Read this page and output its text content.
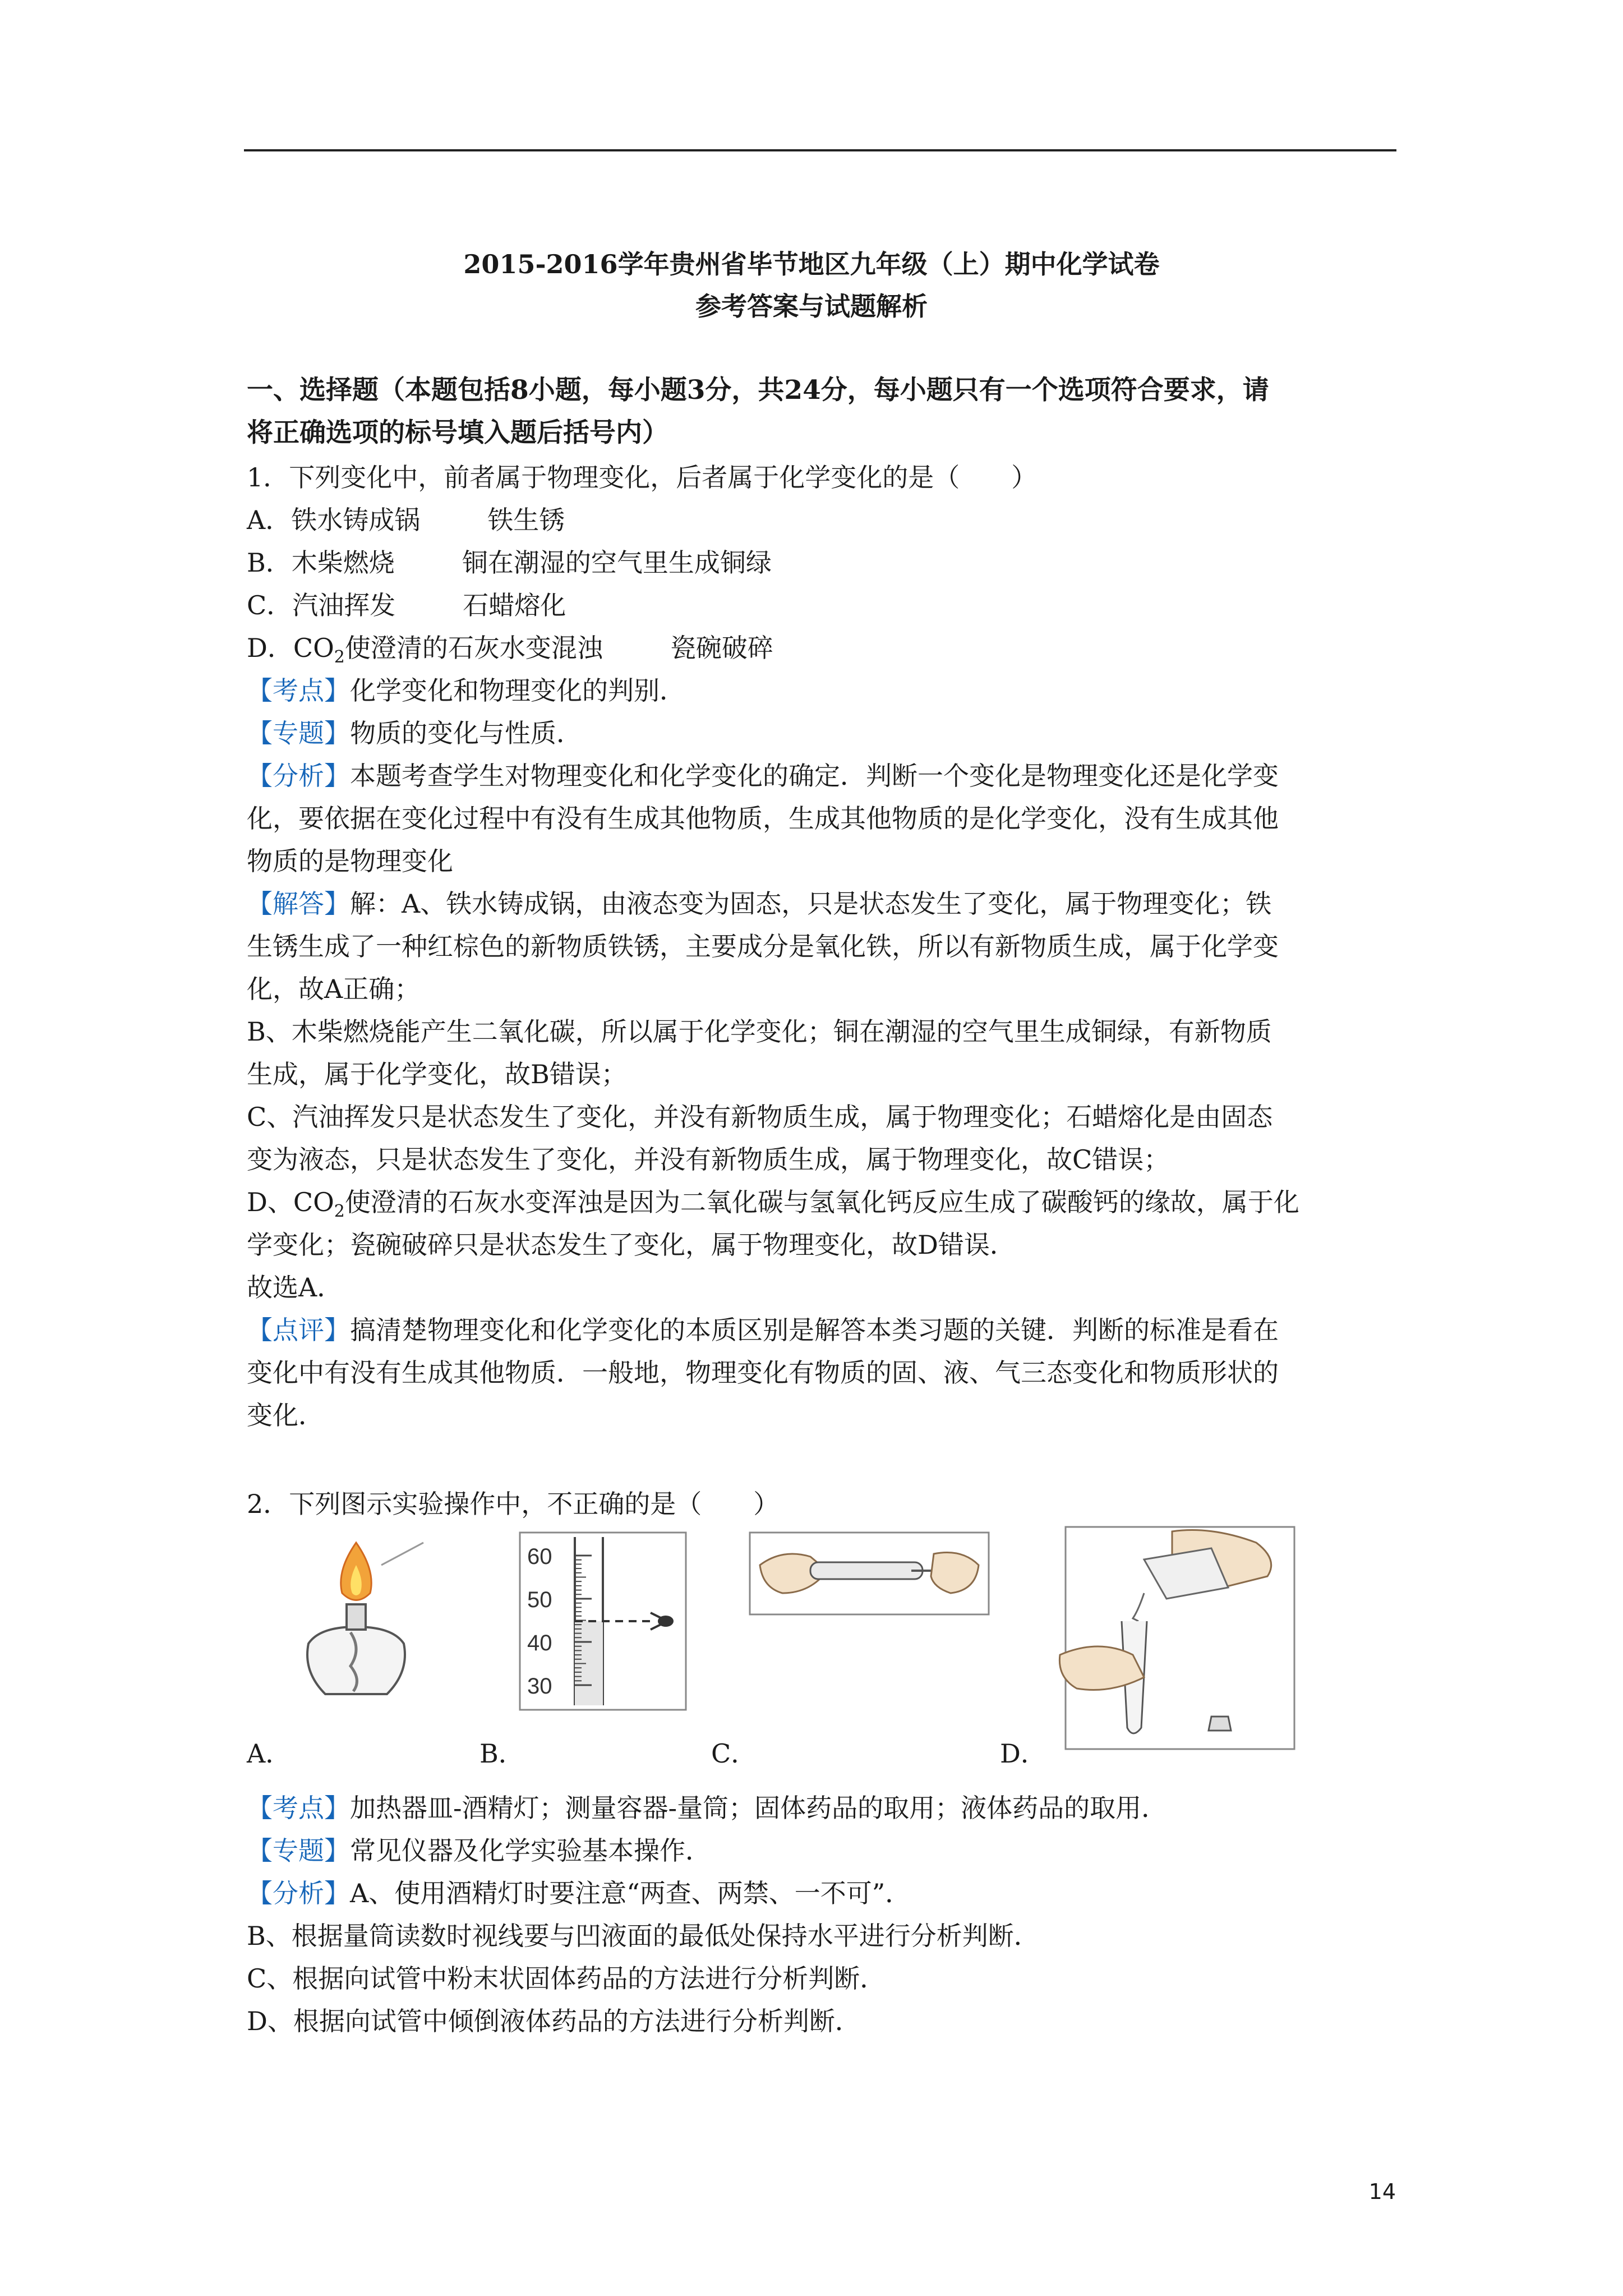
2015-2016学年贵州省毕节地区九年级（上）期中化学试卷
参考答案与试题解析
一、选择题（本题包括8小题，每小题3分，共24分，每小题只有一个选项符合要求，请
将正确选项的标号填入题后括号内）
1．下列变化中，前者属于物理变化，后者属于化学变化的是（　　）
A．铁水铸成锅	铁生锈
B．木柴燃烧	铜在潮湿的空气里生成铜绿
C．汽油挥发	石蜡熔化
D．$CO_2$使澄清的石灰水变混浊	瓷碗破碎
【考点】化学变化和物理变化的判别．
【专题】物质的变化与性质．
【分析】本题考查学生对物理变化和化学变化的确定．判断一个变化是物理变化还是化学变
化，要依据在变化过程中有没有生成其他物质，生成其他物质的是化学变化，没有生成其他
物质的是物理变化
【解答】解：A、铁水铸成锅，由液态变为固态，只是状态发生了变化，属于物理变化；铁
生锈生成了一种红棕色的新物质铁锈，主要成分是氧化铁，所以有新物质生成，属于化学变
化，故A正确；
B、木柴燃烧能产生二氧化碳，所以属于化学变化；铜在潮湿的空气里生成铜绿，有新物质
生成，属于化学变化，故B错误；
C、汽油挥发只是状态发生了变化，并没有新物质生成，属于物理变化；石蜡熔化是由固态
变为液态，只是状态发生了变化，并没有新物质生成，属于物理变化，故C错误；
D、$CO_2$使澄清的石灰水变浑浊是因为二氧化碳与氢氧化钙反应生成了碳酸钙的缘故，属于化
学变化；瓷碗破碎只是状态发生了变化，属于物理变化，故D错误．
故选A．
【点评】搞清楚物理变化和化学变化的本质区别是解答本类习题的关键．判断的标准是看在
变化中有没有生成其他物质．一般地，物理变化有物质的固、液、气三态变化和物质形状的
变化．
2．下列图示实验操作中，不正确的是（　　）
60
50
40
30
A．	B．	C．	D．
【考点】加热器皿-酒精灯；测量容器-量筒；固体药品的取用；液体药品的取用．
【专题】常见仪器及化学实验基本操作．
【分析】A、使用酒精灯时要注意“两查、两禁、一不可”．
B、根据量筒读数时视线要与凹液面的最低处保持水平进行分析判断．
C、根据向试管中粉末状固体药品的方法进行分析判断．
D、根据向试管中倾倒液体药品的方法进行分析判断．
14
